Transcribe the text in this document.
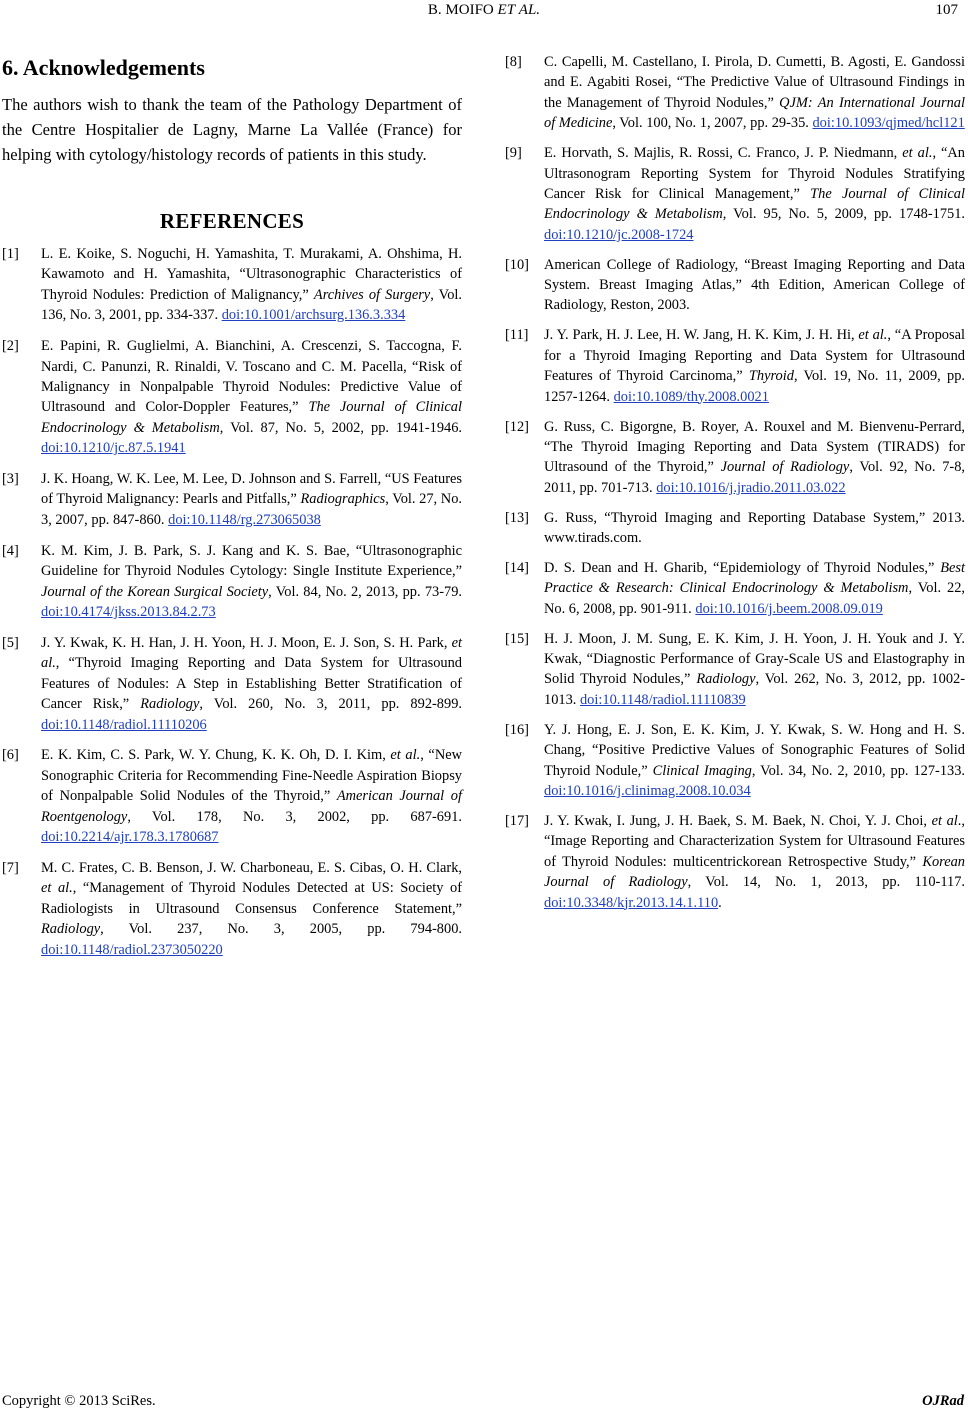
B. MOIFO ET AL.	107
6. Acknowledgements

The authors wish to thank the team of the Pathology Department of the Centre Hospitalier de Lagny, Marne La Vallée (France) for helping with cytology/histology records of patients in this study.

REFERENCES
[1] L. E. Koike, S. Noguchi, H. Yamashita, T. Murakami, A. Ohshima, H. Kawamoto and H. Yamashita, “Ultrasonographic Characteristics of Thyroid Nodules: Prediction of Malignancy,” Archives of Surgery, Vol. 136, No. 3, 2001, pp. 334-337. doi:10.1001/archsurg.136.3.334
[2] E. Papini, R. Guglielmi, A. Bianchini, A. Crescenzi, S. Taccogna, F. Nardi, C. Panunzi, R. Rinaldi, V. Toscano and C. M. Pacella, “Risk of Malignancy in Nonpalpable Thyroid Nodules: Predictive Value of Ultrasound and Color-Doppler Features,” The Journal of Clinical Endocrinology & Metabolism, Vol. 87, No. 5, 2002, pp. 1941-1946. doi:10.1210/jc.87.5.1941
[3] J. K. Hoang, W. K. Lee, M. Lee, D. Johnson and S. Farrell, “US Features of Thyroid Malignancy: Pearls and Pitfalls,” Radiographics, Vol. 27, No. 3, 2007, pp. 847-860. doi:10.1148/rg.273065038
[4] K. M. Kim, J. B. Park, S. J. Kang and K. S. Bae, “Ultrasonographic Guideline for Thyroid Nodules Cytology: Single Institute Experience,” Journal of the Korean Surgical Society, Vol. 84, No. 2, 2013, pp. 73-79. doi:10.4174/jkss.2013.84.2.73
[5] J. Y. Kwak, K. H. Han, J. H. Yoon, H. J. Moon, E. J. Son, S. H. Park, et al., “Thyroid Imaging Reporting and Data System for Ultrasound Features of Nodules: A Step in Establishing Better Stratification of Cancer Risk,” Radiology, Vol. 260, No. 3, 2011, pp. 892-899. doi:10.1148/radiol.11110206
[6] E. K. Kim, C. S. Park, W. Y. Chung, K. K. Oh, D. I. Kim, et al., “New Sonographic Criteria for Recommending Fine-Needle Aspiration Biopsy of Nonpalpable Solid Nodules of the Thyroid,” American Journal of Roentgenology, Vol. 178, No. 3, 2002, pp. 687-691. doi:10.2214/ajr.178.3.1780687
[7] M. C. Frates, C. B. Benson, J. W. Charboneau, E. S. Cibas, O. H. Clark, et al., “Management of Thyroid Nodules Detected at US: Society of Radiologists in Ultrasound Consensus Conference Statement,” Radiology, Vol. 237, No. 3, 2005, pp. 794-800. doi:10.1148/radiol.2373050220
[8] C. Capelli, M. Castellano, I. Pirola, D. Cumetti, B. Agosti, E. Gandossi and E. Agabiti Rosei, “The Predictive Value of Ultrasound Findings in the Management of Thyroid Nodules,” QJM: An International Journal of Medicine, Vol. 100, No. 1, 2007, pp. 29-35. doi:10.1093/qjmed/hcl121
[9] E. Horvath, S. Majlis, R. Rossi, C. Franco, J. P. Niedmann, et al., “An Ultrasonogram Reporting System for Thyroid Nodules Stratifying Cancer Risk for Clinical Management,” The Journal of Clinical Endocrinology & Metabolism, Vol. 95, No. 5, 2009, pp. 1748-1751. doi:10.1210/jc.2008-1724
[10] American College of Radiology, “Breast Imaging Reporting and Data System. Breast Imaging Atlas,” 4th Edition, American College of Radiology, Reston, 2003.
[11] J. Y. Park, H. J. Lee, H. W. Jang, H. K. Kim, J. H. Hi, et al., “A Proposal for a Thyroid Imaging Reporting and Data System for Ultrasound Features of Thyroid Carcinoma,” Thyroid, Vol. 19, No. 11, 2009, pp. 1257-1264. doi:10.1089/thy.2008.0021
[12] G. Russ, C. Bigorgne, B. Royer, A. Rouxel and M. Bienvenu-Perrard, “The Thyroid Imaging Reporting and Data System (TIRADS) for Ultrasound of the Thyroid,” Journal of Radiology, Vol. 92, No. 7-8, 2011, pp. 701-713. doi:10.1016/j.jradio.2011.03.022
[13] G. Russ, “Thyroid Imaging and Reporting Database System,” 2013. www.tirads.com.
[14] D. S. Dean and H. Gharib, “Epidemiology of Thyroid Nodules,” Best Practice & Research: Clinical Endocrinology & Metabolism, Vol. 22, No. 6, 2008, pp. 901-911. doi:10.1016/j.beem.2008.09.019
[15] H. J. Moon, J. M. Sung, E. K. Kim, J. H. Yoon, J. H. Youk and J. Y. Kwak, “Diagnostic Performance of Gray-Scale US and Elastography in Solid Thyroid Nodules,” Radiology, Vol. 262, No. 3, 2012, pp. 1002-1013. doi:10.1148/radiol.11110839
[16] Y. J. Hong, E. J. Son, E. K. Kim, J. Y. Kwak, S. W. Hong and H. S. Chang, “Positive Predictive Values of Sonographic Features of Solid Thyroid Nodule,” Clinical Imaging, Vol. 34, No. 2, 2010, pp. 127-133. doi:10.1016/j.clinimag.2008.10.034
[17] J. Y. Kwak, I. Jung, J. H. Baek, S. M. Baek, N. Choi, Y. J. Choi, et al., “Image Reporting and Characterization System for Ultrasound Features of Thyroid Nodules: multicentrickorean Retrospective Study,” Korean Journal of Radiology, Vol. 14, No. 1, 2013, pp. 110-117. doi:10.3348/kjr.2013.14.1.110.
Copyright © 2013 SciRes.	OJRad
